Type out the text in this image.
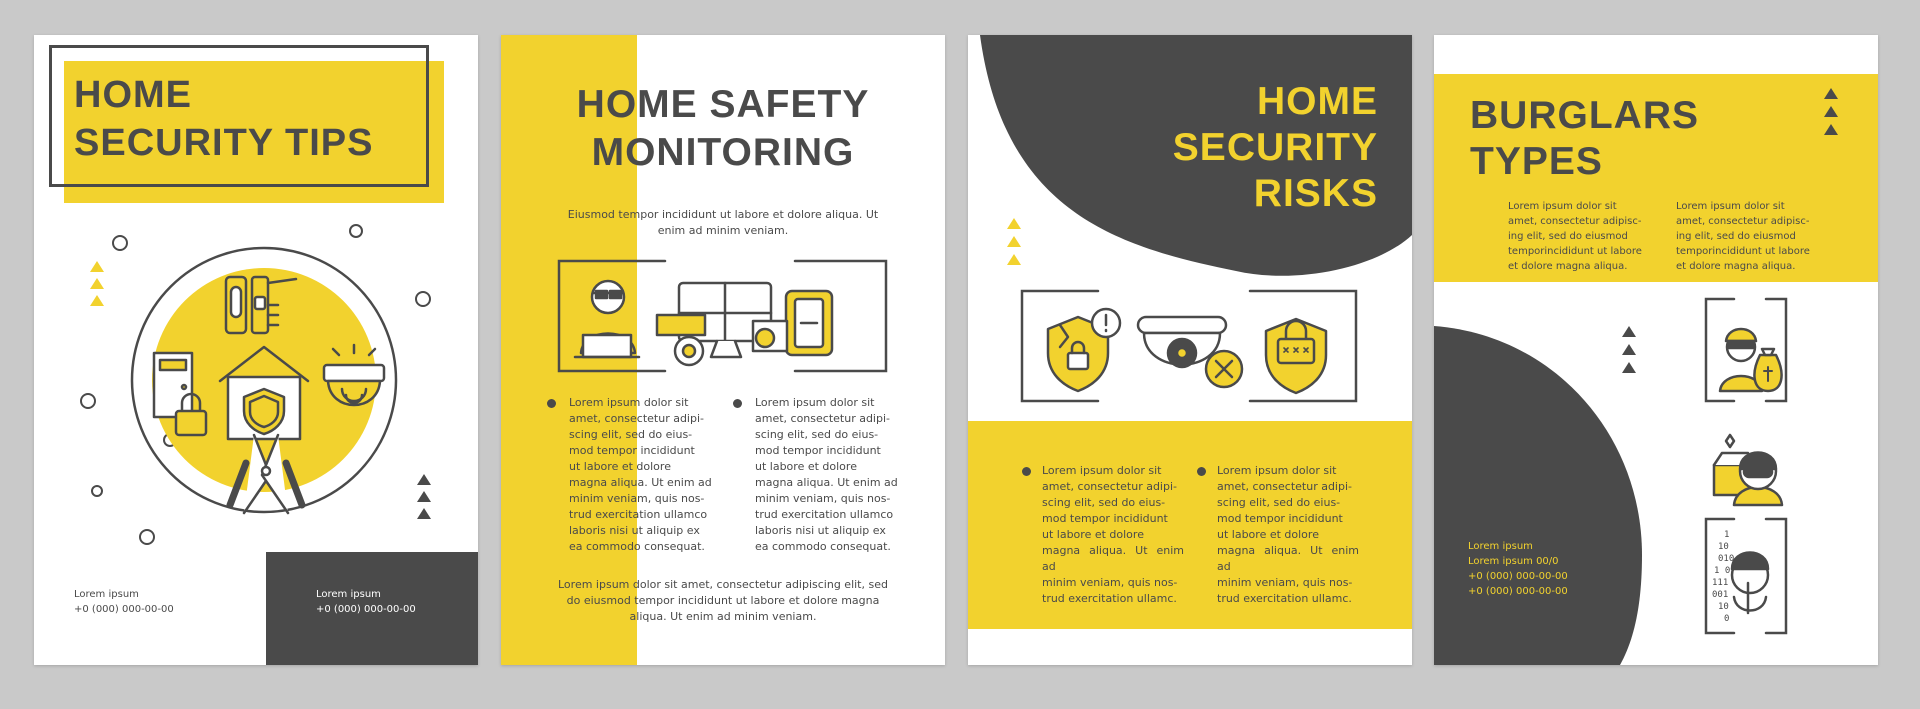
HOME
SECURITY TIPS
Lorem ipsum
+0 (000) 000-00-00
Lorem ipsum
+0 (000) 000-00-00
HOME SAFETY
MONITORING
Eiusmod tempor incididunt ut labore et dolore aliqua. Ut
enim ad minim veniam.
Lorem ipsum dolor sit
amet, consectetur adipi-
scing elit, sed do eius-
mod tempor incididunt
ut labore et dolore
magna aliqua. Ut enim ad
minim veniam, quis nos-
trud exercitation ullamco
laboris nisi ut aliquip ex
ea commodo consequat.
Lorem ipsum dolor sit
amet, consectetur adipi-
scing elit, sed do eius-
mod tempor incididunt
ut labore et dolore
magna aliqua. Ut enim ad
minim veniam, quis nos-
trud exercitation ullamco
laboris nisi ut aliquip ex
ea commodo consequat.
Lorem ipsum dolor sit amet, consectetur adipiscing elit, sed
do eiusmod tempor incididunt ut labore et dolore magna
aliqua. Ut enim ad minim veniam.
HOME
SECURITY
RISKS
Lorem ipsum dolor sit
amet, consectetur adipi-
scing elit, sed do eius-
mod tempor incididunt
ut labore et dolore
magna aliqua. Ut enim ad
minim veniam, quis nos-
trud exercitation ullamc.
Lorem ipsum dolor sit
amet, consectetur adipi-
scing elit, sed do eius-
mod tempor incididunt
ut labore et dolore
magna aliqua. Ut enim ad
minim veniam, quis nos-
trud exercitation ullamc.
BURGLARS
TYPES
Lorem ipsum dolor sit
amet, consectetur adipisc-
ing elit, sed do eiusmod
temporincididunt ut labore
et dolore magna aliqua.
Lorem ipsum dolor sit
amet, consectetur adipisc-
ing elit, sed do eiusmod
temporincididunt ut labore
et dolore magna aliqua.
Lorem ipsum
Lorem ipsum 00/0
+0 (000) 000-00-00
+0 (000) 000-00-00
1
10
010
1 0
111
001
10
0
